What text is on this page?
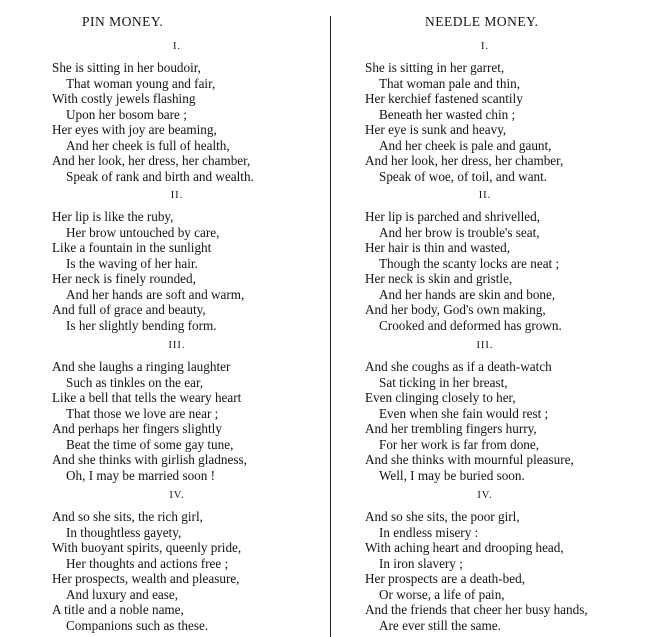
PIN MONEY.
I.
She is sitting in her boudoir,
That woman young and fair,
With costly jewels flashing
Upon her bosom bare ;
Her eyes with joy are beaming,
And her cheek is full of health,
And her look, her dress, her chamber,
Speak of rank and birth and wealth.
II.
Her lip is like the ruby,
Her brow untouched by care,
Like a fountain in the sunlight
Is the waving of her hair.
Her neck is finely rounded,
And her hands are soft and warm,
And full of grace and beauty,
Is her slightly bending form.
III.
And she laughs a ringing laughter
Such as tinkles on the ear,
Like a bell that tells the weary heart
That those we love are near ;
And perhaps her fingers slightly
Beat the time of some gay tune,
And she thinks with girlish gladness,
Oh, I may be married soon !
IV.
And so she sits, the rich girl,
In thoughtless gayety,
With buoyant spirits, queenly pride,
Her thoughts and actions free ;
Her prospects, wealth and pleasure,
And luxury and ease,
A title and a noble name,
Companions such as these.
NEEDLE MONEY.
I.
She is sitting in her garret,
That woman pale and thin,
Her kerchief fastened scantily
Beneath her wasted chin ;
Her eye is sunk and heavy,
And her cheek is pale and gaunt,
And her look, her dress, her chamber,
Speak of woe, of toil, and want.
II.
Her lip is parched and shrivelled,
And her brow is trouble's seat,
Her hair is thin and wasted,
Though the scanty locks are neat ;
Her neck is skin and gristle,
And her hands are skin and bone,
And her body, God's own making,
Crooked and deformed has grown.
III.
And she coughs as if a death-watch
Sat ticking in her breast,
Even clinging closely to her,
Even when she fain would rest ;
And her trembling fingers hurry,
For her work is far from done,
And she thinks with mournful pleasure,
Well, I may be buried soon.
IV.
And so she sits, the poor girl,
In endless misery :
With aching heart and drooping head,
In iron slavery ;
Her prospects are a death-bed,
Or worse, a life of pain,
And the friends that cheer her busy hands,
Are ever still the same.
